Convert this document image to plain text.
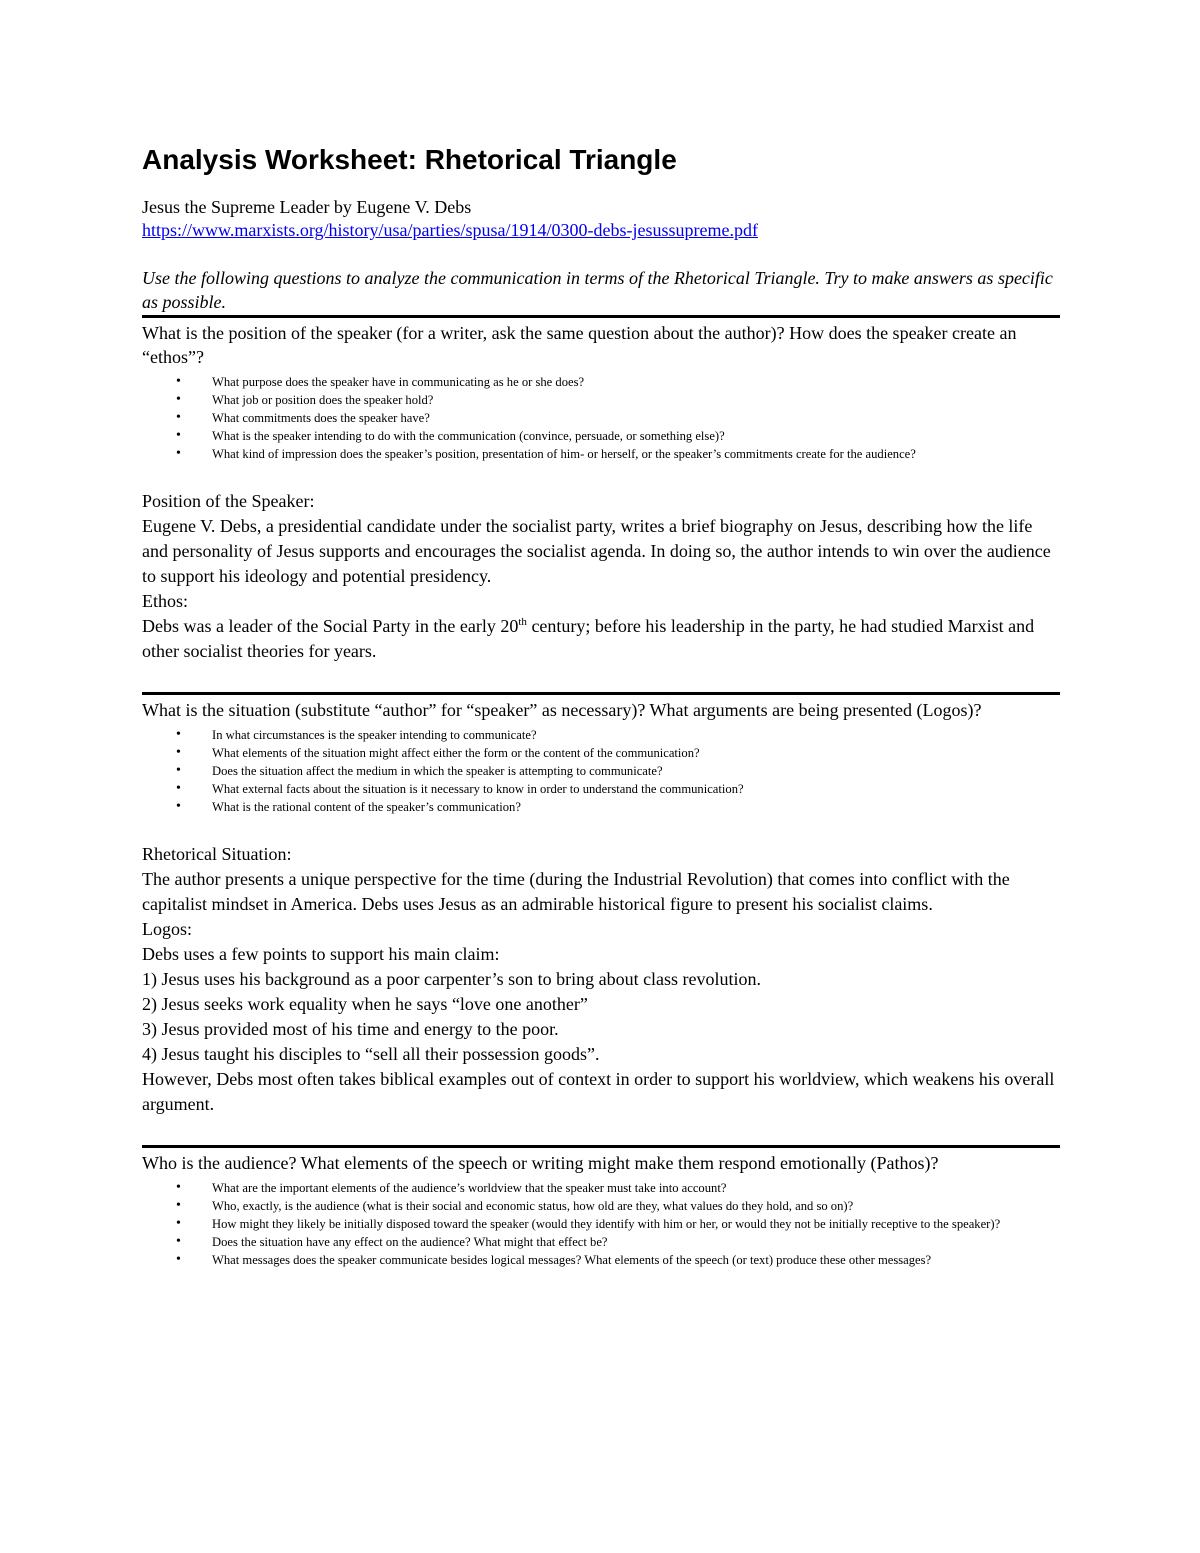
Analysis Worksheet: Rhetorical Triangle
Jesus the Supreme Leader by Eugene V. Debs
https://www.marxists.org/history/usa/parties/spusa/1914/0300-debs-jesussupreme.pdf
Use the following questions to analyze the communication in terms of the Rhetorical Triangle. Try to make answers as specific as possible.
What is the position of the speaker (for a writer, ask the same question about the author)? How does the speaker create an “ethos”?
• What purpose does the speaker have in communicating as he or she does?
• What job or position does the speaker hold?
• What commitments does the speaker have?
• What is the speaker intending to do with the communication (convince, persuade, or something else)?
• What kind of impression does the speaker’s position, presentation of him- or herself, or the speaker’s commitments create for the audience?

Position of the Speaker:

Eugene V. Debs, a presidential candidate under the socialist party, writes a brief biography on Jesus, describing how the life and personality of Jesus supports and encourages the socialist agenda. In doing so, the author intends to win over the audience to support his ideology and potential presidency.

Ethos:

Debs was a leader of the Social Party in the early 20th century; before his leadership in the party, he had studied Marxist and other socialist theories for years.

What is the situation (substitute “author” for “speaker” as necessary)? What arguments are being presented (Logos)?
• In what circumstances is the speaker intending to communicate?
• What elements of the situation might affect either the form or the content of the communication?
• Does the situation affect the medium in which the speaker is attempting to communicate?
• What external facts about the situation is it necessary to know in order to understand the communication?
• What is the rational content of the speaker’s communication?

Rhetorical Situation:

The author presents a unique perspective for the time (during the Industrial Revolution) that comes into conflict with the capitalist mindset in America. Debs uses Jesus as an admirable historical figure to present his socialist claims.

Logos:

Debs uses a few points to support his main claim:

1) Jesus uses his background as a poor carpenter’s son to bring about class revolution.

2) Jesus seeks work equality when he says “love one another”

3) Jesus provided most of his time and energy to the poor.

4) Jesus taught his disciples to “sell all their possession goods”.

However, Debs most often takes biblical examples out of context in order to support his worldview, which weakens his overall argument.

Who is the audience? What elements of the speech or writing might make them respond emotionally (Pathos)?
• What are the important elements of the audience’s worldview that the speaker must take into account?
• Who, exactly, is the audience (what is their social and economic status, how old are they, what values do they hold, and so on)?
• How might they likely be initially disposed toward the speaker (would they identify with him or her, or would they not be initially receptive to the speaker)?
• Does the situation have any effect on the audience? What might that effect be?
• What messages does the speaker communicate besides logical messages? What elements of the speech (or text) produce these other messages?
